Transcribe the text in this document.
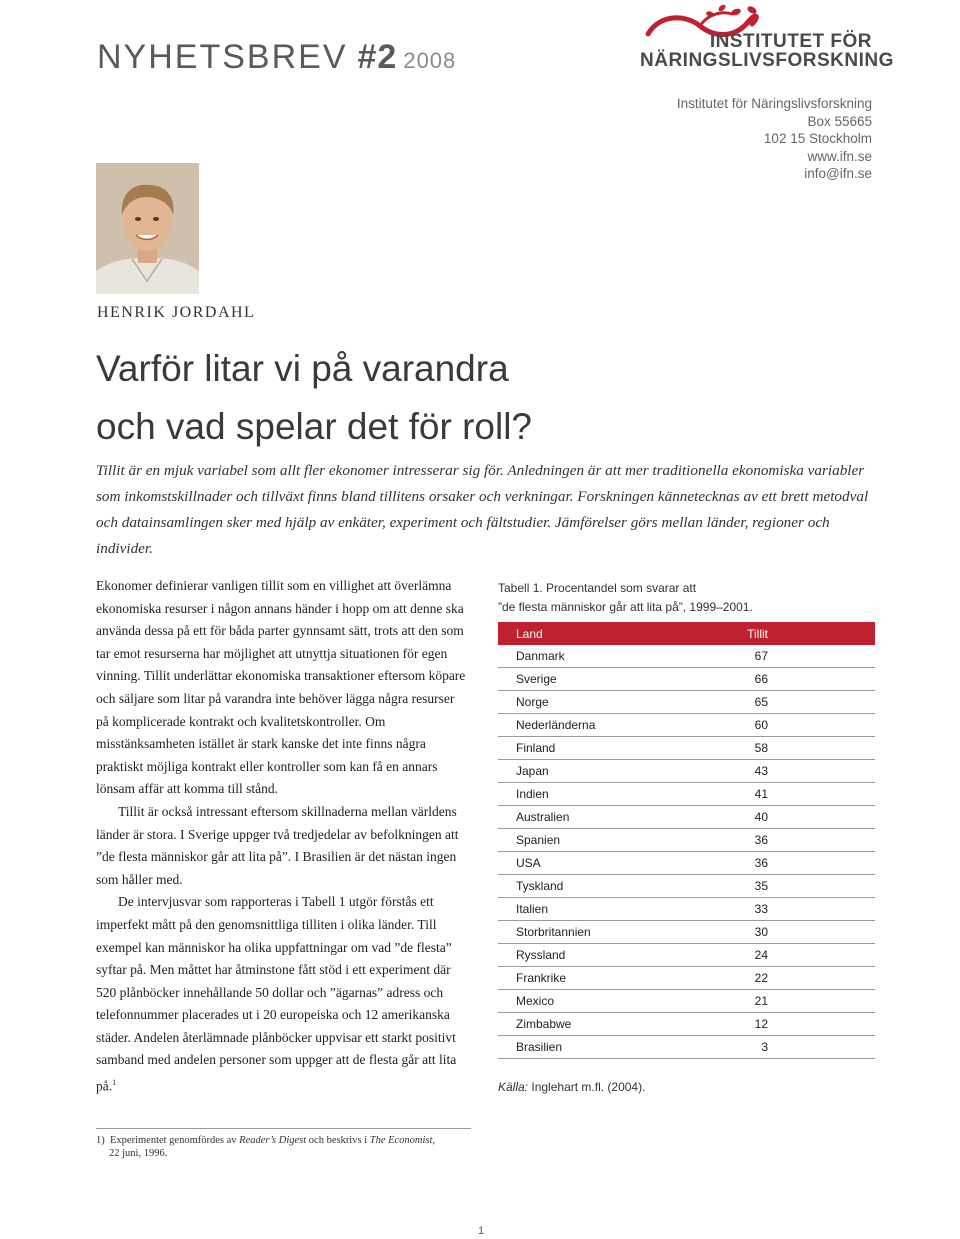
NYHETSBREV #2 2008
INSTITUTET FÖR
NÄRINGSLIVSFORSKNING
Institutet för Näringslivsforskning
Box 55665
102 15 Stockholm
www.ifn.se
info@ifn.se
HENRIK JORDAHL
Varför litar vi på varandra
och vad spelar det för roll?

Tillit är en mjuk variabel som allt fler ekonomer intresserar sig för. Anledningen är att mer traditionella ekonomiska variabler som inkomstskillnader och tillväxt finns bland tillitens orsaker och verkningar. Forskningen kännetecknas av ett brett metodval och datainsamlingen sker med hjälp av enkäter, experiment och fältstudier. Jämförelser görs mellan länder, regioner och individer.

Ekonomer definierar vanligen tillit som en villighet att överlämna ekonomiska resurser i någon annans händer i hopp om att denne ska använda dessa på ett för båda parter gynnsamt sätt, trots att den som tar emot resurserna har möjlighet att utnyttja situationen för egen vinning. Tillit underlättar ekonomiska transaktioner eftersom köpare och säljare som litar på varandra inte behöver lägga några resurser på komplicerade kontrakt och kvalitetskontroller. Om misstänksamheten istället är stark kanske det inte finns några praktiskt möjliga kontrakt eller kontroller som kan få en annars lönsam affär att komma till stånd.

Tillit är också intressant eftersom skillnaderna mellan världens länder är stora. I Sverige uppger två tredjedelar av befolkningen att ”de flesta människor går att lita på”. I Brasilien är det nästan ingen som håller med.

De intervjusvar som rapporteras i Tabell 1 utgör förstås ett imperfekt mått på den genomsnittliga tilliten i olika länder. Till exempel kan människor ha olika uppfattningar om vad ”de flesta” syftar på. Men måttet har åtminstone fått stöd i ett experiment där 520 plånböcker innehållande 50 dollar och ”ägarnas” adress och telefonnummer placerades ut i 20 europeiska och 12 amerikanska städer. Andelen återlämnade plånböcker uppvisar ett starkt positivt samband med andelen personer som uppger att de flesta går att lita på.$^1$

Tabell 1. Procentandel som svarar att
”de flesta människor går att lita på”, 1999–2001.
Land	Tillit
Danmark	67
Sverige	66
Norge	65
Nederländerna	60
Finland	58
Japan	43
Indien	41
Australien	40
Spanien	36
USA	36
Tyskland	35
Italien	33
Storbritannien	30
Ryssland	24
Frankrike	22
Mexico	21
Zimbabwe	12
Brasilien	3
Källa: Inglehart m.fl. (2004).
1) Experimentet genomfördes av Reader’s Digest och beskrivs i The Economist,
22 juni, 1996.
1
